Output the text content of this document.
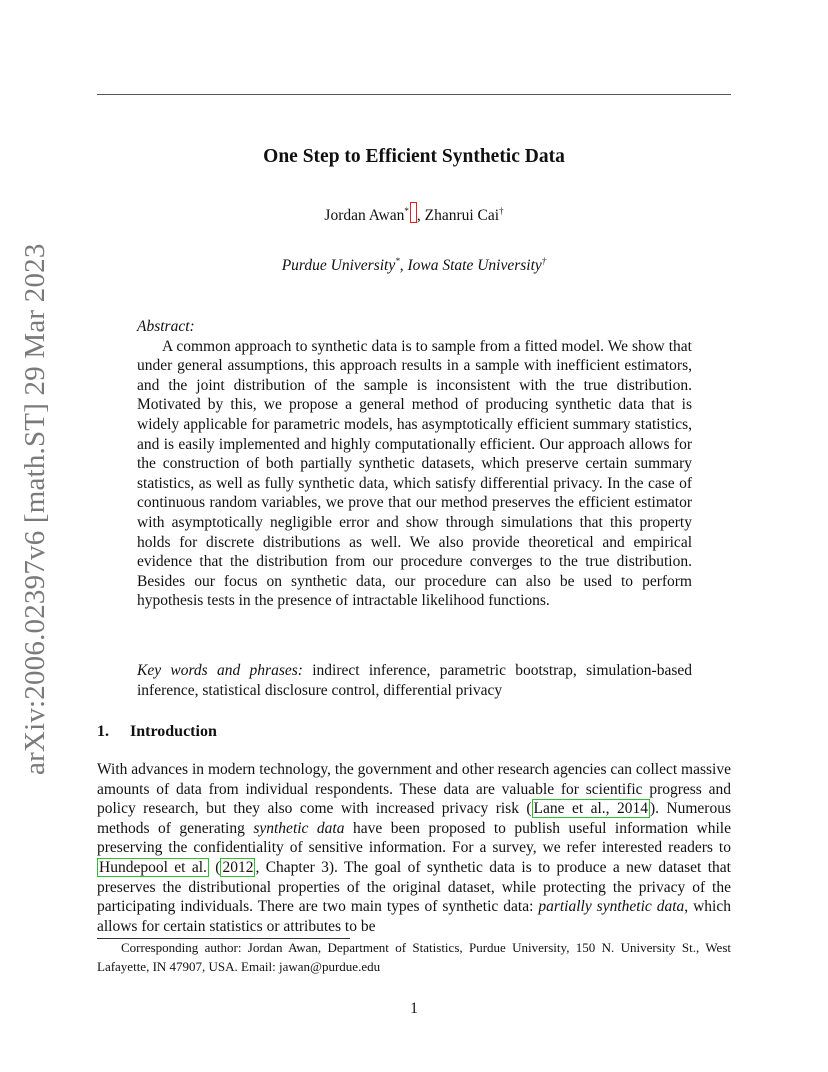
arXiv:2006.02397v6 [math.ST] 29 Mar 2023
One Step to Efficient Synthetic Data
Jordan Awan* , Zhanrui Cai†
Purdue University*, Iowa State University†
Abstract:

A common approach to synthetic data is to sample from a fitted model. We show that under general assumptions, this approach results in a sample with inefficient estimators, and the joint distribution of the sample is inconsistent with the true distribution. Motivated by this, we propose a general method of producing synthetic data that is widely applicable for parametric models, has asymptotically efficient summary statistics, and is easily implemented and highly computationally efficient. Our approach allows for the construction of both partially synthetic datasets, which preserve certain summary statistics, as well as fully synthetic data, which satisfy differential privacy. In the case of continuous random variables, we prove that our method preserves the efficient estimator with asymptotically negligible error and show through simulations that this property holds for discrete distributions as well. We also provide theoretical and empirical evidence that the distribution from our procedure converges to the true distribution. Besides our focus on synthetic data, our procedure can also be used to perform hypothesis tests in the presence of intractable likelihood functions.

Key words and phrases: indirect inference, parametric bootstrap, simulation-based inference, statistical disclosure control, differential privacy

1. Introduction

With advances in modern technology, the government and other research agencies can collect massive amounts of data from individual respondents. These data are valuable for scientific progress and policy research, but they also come with increased privacy risk ( Lane et al., 2014 ). Numerous methods of generating synthetic data have been proposed to publish useful information while preserving the confidentiality of sensitive information. For a survey, we refer interested readers to Hundepool et al. ( 2012 , Chapter 3). The goal of synthetic data is to produce a new dataset that preserves the distributional properties of the original dataset, while protecting the privacy of the participating individuals. There are two main types of synthetic data: partially synthetic data, which allows for certain statistics or attributes to be

Corresponding author: Jordan Awan, Department of Statistics, Purdue University, 150 N. University St., West Lafayette, IN 47907, USA. Email: jawan@purdue.edu

1
